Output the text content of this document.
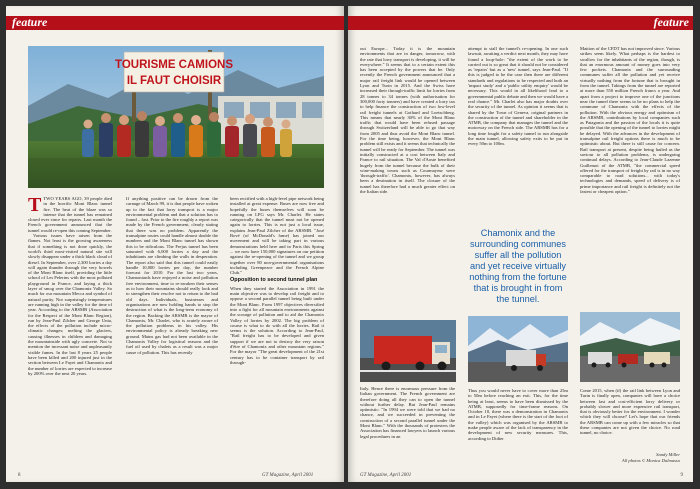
feature
TOURISME CAMIONS
IL FAUT CHOISIR

TTWO YEARS AGO, 39 people died in the horrific Mont Blanc tunnel fire. The heat of the blaze was so intense that the tunnel has remained closed ever since for repairs. Last month the French government announced that the tunnel would re-open this coming September.

Various issues have arisen from the flames. Not least is the growing awareness that if something is not done quickly, the world's third most-visited natural site will slowly disappear under a thick black cloud of diesel. In September, over 2,300 lorries a day will again thunder through the very bowels of the Mont Blanc itself, providing the little school of Les Pelerins with the most polluted playground in France, and laying a thick layer of smog over the Chamonix Valley. So much for our mountain Mecca and symbol of natural purity. Nor surprisingly temperatures are running high in the valley for the time of year. According to the ARSMB (Association for the Respect of the Mont Blanc Region), run by Jean-Paul Zilcher and George Unia, the effects of the pollution include micro-climatic changes; melting the glaciers, causing illnesses in children and damaging the mountainside with ugly concrete. Not to mention the incessant noise and unpleasantly visible fumes. In the last 8 years 25 people have been killed and 200 injured just in the section between Le Fayet and Chamonix and the number of lorries are expected to increase by 200% over the next 20 years.

If anything positive can be drawn from the carnage of March 99, it is that people have woken up to the fact that lorry transport is a major environmental problem and that a solution has to found – fast. Prior to the fire roughly a report was made by the French government, clearly stating that there was no problem. Apparently the transalpine routes could handle almost double the numbers and the Mont Blanc tunnel has shown this to be ridiculous. The Frejus tunnel has been saturated with 6,000 lorries a day and the inhabitants are climbing the walls in desperation. The report also said that this tunnel could easily handle 10,000 lorries per day, the number forecast for 2010. For the last two years, Chamoniards have enjoyed a noise and pollution free environment, time to re-awaken their senses as to how their mountains should really look and to strengthen their resolve not to return to the bad old days. Individuals, businesses and organisations are now holding hands to stop the destruction of what is the long-term economy of the region. Backing the ARSMB is the mayor of Chamonix, Mr. Charlet, who is acutely aware of the pollution problems in his valley. His environmental policy is already breaking new ground. Mains gas had not been available in the Chamonix Valley for logistical reasons and the fuel oil used by chalets as a result was a major cause of pollution. This has recently

been rectified with a high-level pipe network being installed at great expense. Buses are now free and hopefully the buses themselves will soon be running on LPG says Mr. Charlet. He states categorically that the tunnel must not be opened again to lorries. This is not just a local issue, explains Jean-Paul Zilcher of the ARSMB. "José Bové (of McDonald's fame) has joined our movement and will be taking part in various demonstrations held here and in Paris this Spring ... we now have 150,000 signatures on our petition against the re-opening of the tunnel and we group together over 80 non-governmental organisations including Greenpeace and the French Alpine Club."

Opposition to second tunnel plan

When they started the Association in 1991 the main objective was to develop rail freight and to oppose a second parallel tunnel being built under the Mont Blanc. From 1997 objectives diversified into a fight for all mountain environments against the scourge of pollution and to aid the Chamonix Valley of lorries by 2002. The big problem of course is what to do with all the lorries. Rail it seems is the solution. According to Jean-Paul, "Rail freight has to be developed and given support if we are not to destroy the very raison d'être of Chamonix and other mountain regions." For the mayor "The great development of the 21st century has to be container transport by rail through-

8	GT Magazine, April 2001
feature

out Europe... Today it is the mountain environments that are in danger, tomorrow, with the rate that lorry transport is developing, it will be everywhere." It seems that to a certain extent this has been accepted by the powers that be. Only recently the French government announced that a major rail freight link would be opened between Lyon and Turin in 2015. And the Swiss have increased their through-traffic limit for lorries from 28 tonnes to 34 tonnes (with authorisation for 300,000 forty tonners) and have created a lorry tax to help finance the construction of two low-level rail freight tunnels at Gothard and Loetschberg. This means that nearly 30% of the Mont Blanc traffic that would have been refused passage through Switzerland will be able to go that way from 2005 and thus avoid the Mont Blanc tunnel. For the time being, however, the Mont Blanc problem still exists and it seems that technically the tunnel will be ready for September. The tunnel was initially constructed at a cost between Italy and France to rail situation. The Val d'Aoste benefited hugely from the tunnel because the bulk of their wine-making towns such as Courmayeur were 'through-traffic'. Chamonix, however, has always been a destination in itself. The closure of the tunnel has therefore had a much greater effect on the Italian side.

Italy. Hence there is enormous pressure from the Italian government. The French government are therefore doing all they can to open the tunnel without further delay. But Jean-Paul remains optimistic: "In 1994 we were told that we had no chance, and we succeeded in preventing the construction of a second parallel tunnel under the Mont Blanc." With the thousands of protesters the Association has financed lawyers to launch various legal procedures in an

attempt to stall the tunnel's re-opening. In one such lawsuit, awaiting a verdict next month, they may have found a loop-hole: "the extent of the work to be carried out is so great that it should not be considered as 'repairs' but as a 'new' tunnel, says Jean-Paul. "If this is judged to be the case then there are different standards and regulations to be respected and both an 'impact study' and a 'public utility enquiry' would be necessary. This would in all likelihood lead to a governmental public debate and then we would have a real chance." Mr. Charlet also has major doubts over the security of the tunnel. As opinion it seems that is shared by the Town of Geneva, original partners in the construction of the tunnel and shareholder in the ATMB, the company that manages the tunnel and the motorway on the French side. The ARSMB has for a long time fought for a safety tunnel to run alongside the main tunnel, allowing safety exits to be put in every 50m to 100m.

Chamonix and the surrounding communes suffer all the pollution and yet receive virtually nothing from the fortune that is brought in from the tunnel.

Thus you would never have to cover more than 25m to 50m before reaching an exit. This, for the time being at least, seems to have been dismissed by the ATMB, supposedly for time-frame reasons. On October 10, there was a demonstration in Chamonix and in Le Fayet (where there is the start of the foot of the valley) which was organised by the ARSMB to make people aware of the lack of transparency in the development of new security measures. This, according to Didier

Mattion of the CFDT has not improved since. Various strikes seem likely. What perhaps is the hardest to swallow for the inhabitants of the region, though, is that an enormous amount of money goes into very few pockets. Chamonix and the surrounding communes suffer all the pollution and yet receive virtually nothing from the fortune that is brought in from the tunnel. Takings from the tunnel are reported at more than 550 million French francs a year. And apart from a project to improve one of the junctions near the tunnel there seems to be no plans to help the commune of Chamonix with the effects of the pollution. With the obvious energy and optimism of the ARSMB, contributions by local companies such as Patagonia and the passion of the locals it is quite possible that the opening of the tunnel to lorries might be delayed. With the advances in the development of transalpine rail freight options there is much to be optimistic about. But there is still cause for concern. Rail transport at present, despite being hailed as the saviour to all pollution problems, is undergoing continual delays. According to Jean-Claude Lazenne Guillemot of the ATMB, "the commercial speed offered for the transport of freight by rail is in no way comparable to road solutions... with today's technologies and demands, speed of delivery is of prime importance and rail freight is definitely not the fastest or cheapest option."

Come 2015, when (if) the rail link between Lyon and Turin is finally open, companies will have a choice between fast and cost-efficient lorry delivery or probably slower and more expensive rail transport, that is obviously better for the environment. I wonder which they will choose? Let's hope that our friends the ARSMB can come up with a few miracles so that these companies are not given the choice. No road tunnel, no choice.

Sandy Miller
All photos © Monica Dalmasso
GT Magazine, April 2001	9
